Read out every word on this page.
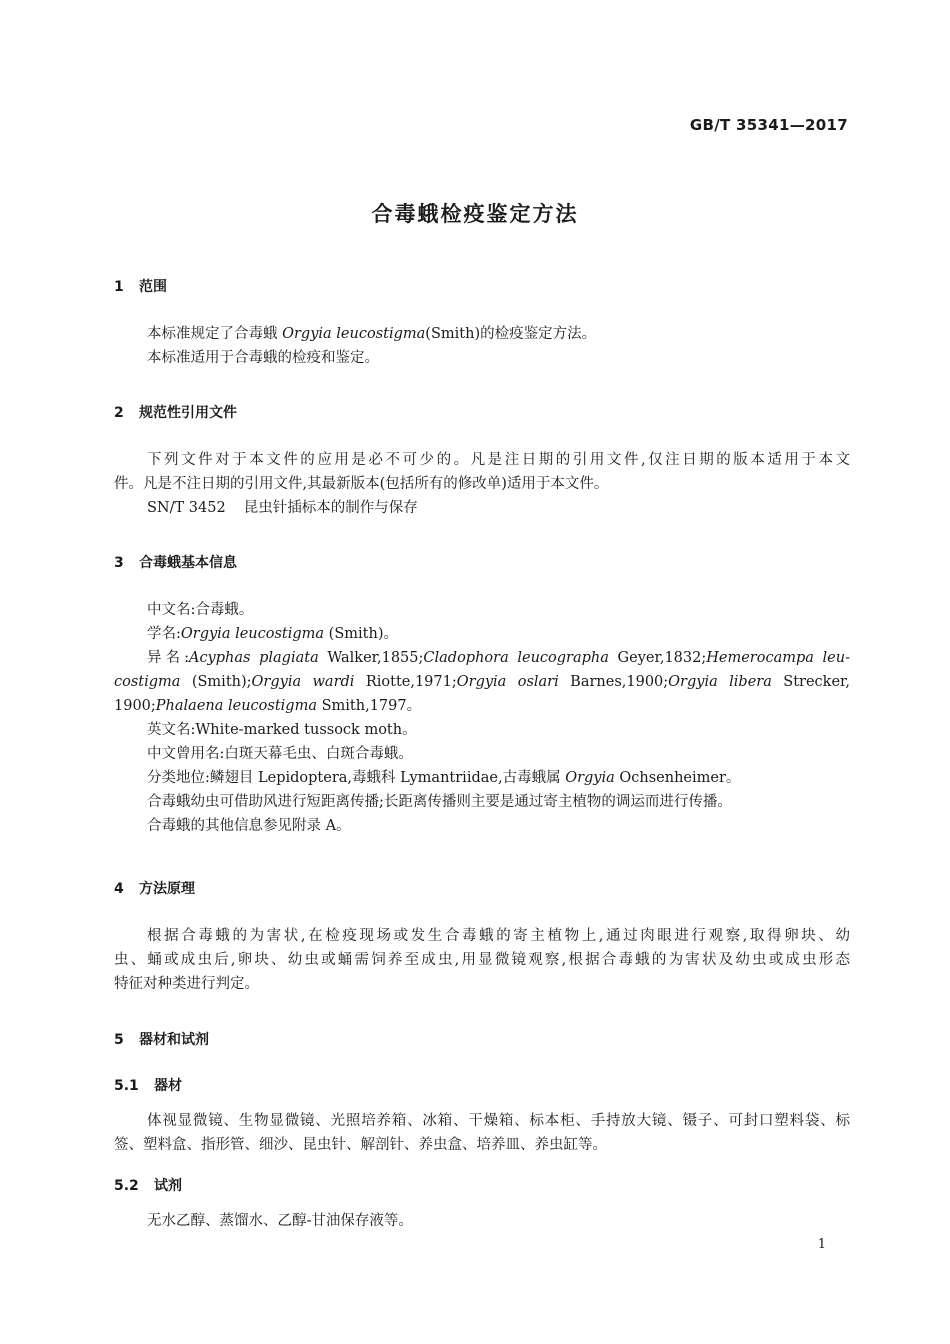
GB/T 35341—2017
合毒蛾检疫鉴定方法
1 范围
本标准规定了合毒蛾 Orgyia leucostigma(Smith)的检疫鉴定方法。
本标准适用于合毒蛾的检疫和鉴定。
2 规范性引用文件
下列文件对于本文件的应用是必不可少的。凡是注日期的引用文件,仅注日期的版本适用于本文
件。凡是不注日期的引用文件,其最新版本(包括所有的修改单)适用于本文件。
SN/T 3452 昆虫针插标本的制作与保存
3 合毒蛾基本信息
中文名:合毒蛾。
学名:Orgyia leucostigma (Smith)。
异名:Acyphas plagiata Walker,1855;Cladophora leucographa Geyer,1832;Hemerocampa leu-
costigma (Smith);Orgyia wardi Riotte,1971;Orgyia oslari Barnes,1900;Orgyia libera Strecker,
1900;Phalaena leucostigma Smith,1797。
英文名:White-marked tussock moth。
中文曾用名:白斑天幕毛虫、白斑合毒蛾。
分类地位:鳞翅目 Lepidoptera,毒蛾科 Lymantriidae,古毒蛾属 Orgyia Ochsenheimer。
合毒蛾幼虫可借助风进行短距离传播;长距离传播则主要是通过寄主植物的调运而进行传播。
合毒蛾的其他信息参见附录 A。
4 方法原理
根据合毒蛾的为害状,在检疫现场或发生合毒蛾的寄主植物上,通过肉眼进行观察,取得卵块、幼
虫、蛹或成虫后,卵块、幼虫或蛹需饲养至成虫,用显微镜观察,根据合毒蛾的为害状及幼虫或成虫形态
特征对种类进行判定。
5 器材和试剂
5.1 器材
体视显微镜、生物显微镜、光照培养箱、冰箱、干燥箱、标本柜、手持放大镜、镊子、可封口塑料袋、标
签、塑料盒、指形管、细沙、昆虫针、解剖针、养虫盒、培养皿、养虫缸等。
5.2 试剂
无水乙醇、蒸馏水、乙醇-甘油保存液等。
1
